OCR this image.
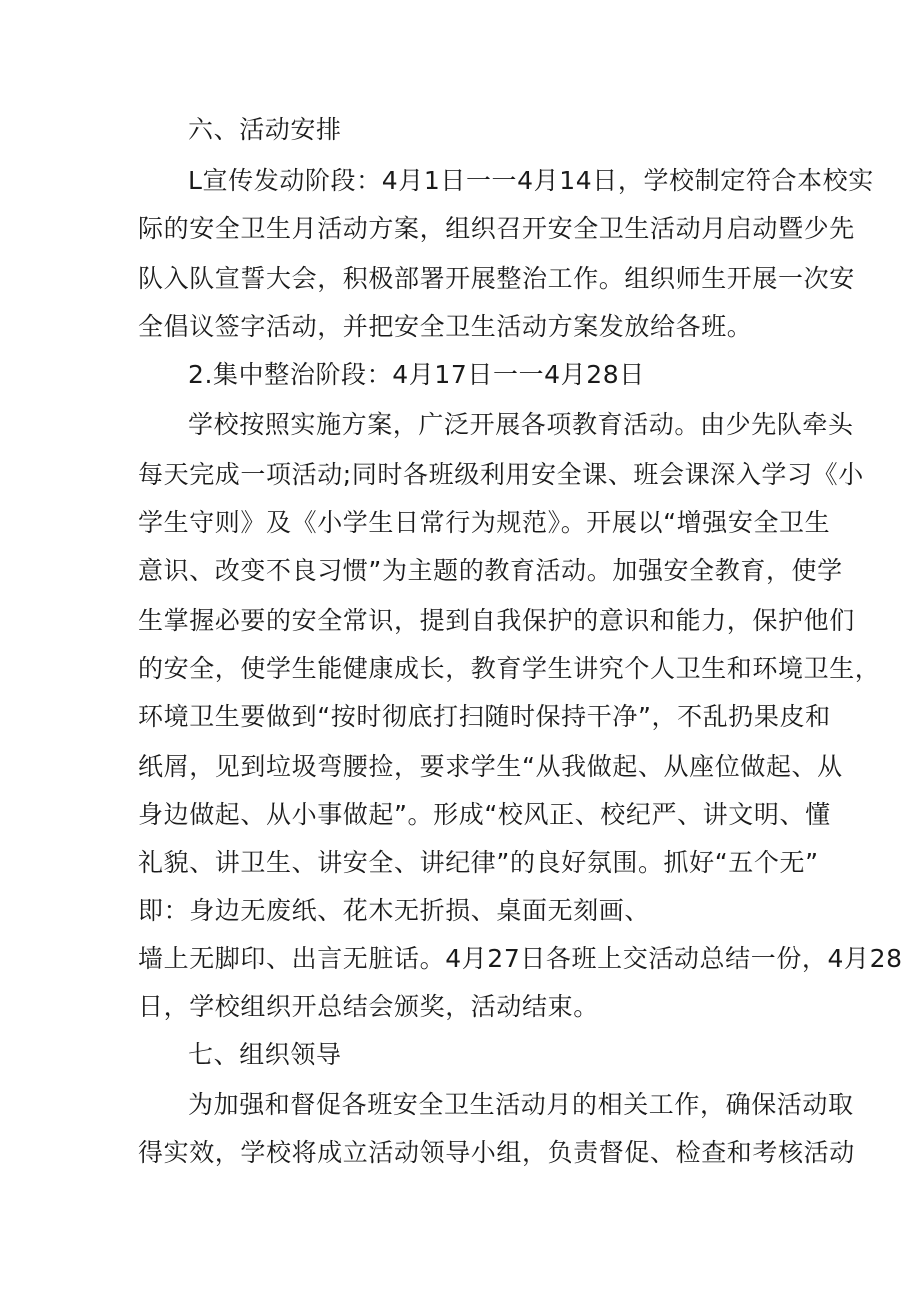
六、活动安排
L宣传发动阶段：4月1日一一4月14日，学校制定符合本校实
际的安全卫生月活动方案，组织召开安全卫生活动月启动暨少先
队入队宣誓大会，积极部署开展整治工作。组织师生开展一次安
全倡议签字活动，并把安全卫生活动方案发放给各班。
2.集中整治阶段：4月17日一一4月28日
学校按照实施方案，广泛开展各项教育活动。由少先队牵头
每天完成一项活动;同时各班级利用安全课、班会课深入学习《小
学生守则》及《小学生日常行为规范》。开展以“增强安全卫生
意识、改变不良习惯”为主题的教育活动。加强安全教育，使学
生掌握必要的安全常识，提到自我保护的意识和能力，保护他们
的安全，使学生能健康成长，教育学生讲究个人卫生和环境卫生，
环境卫生要做到“按时彻底打扫随时保持干净”，不乱扔果皮和
纸屑，见到垃圾弯腰捡，要求学生“从我做起、从座位做起、从
身边做起、从小事做起”。形成“校风正、校纪严、讲文明、懂
礼貌、讲卫生、讲安全、讲纪律”的良好氛围。抓好“五个无”
即：身边无废纸、花木无折损、桌面无刻画、
墙上无脚印、出言无脏话。4月27日各班上交活动总结一份，4月28
日，学校组织开总结会颁奖，活动结束。
七、组织领导
为加强和督促各班安全卫生活动月的相关工作，确保活动取
得实效，学校将成立活动领导小组，负责督促、检查和考核活动
